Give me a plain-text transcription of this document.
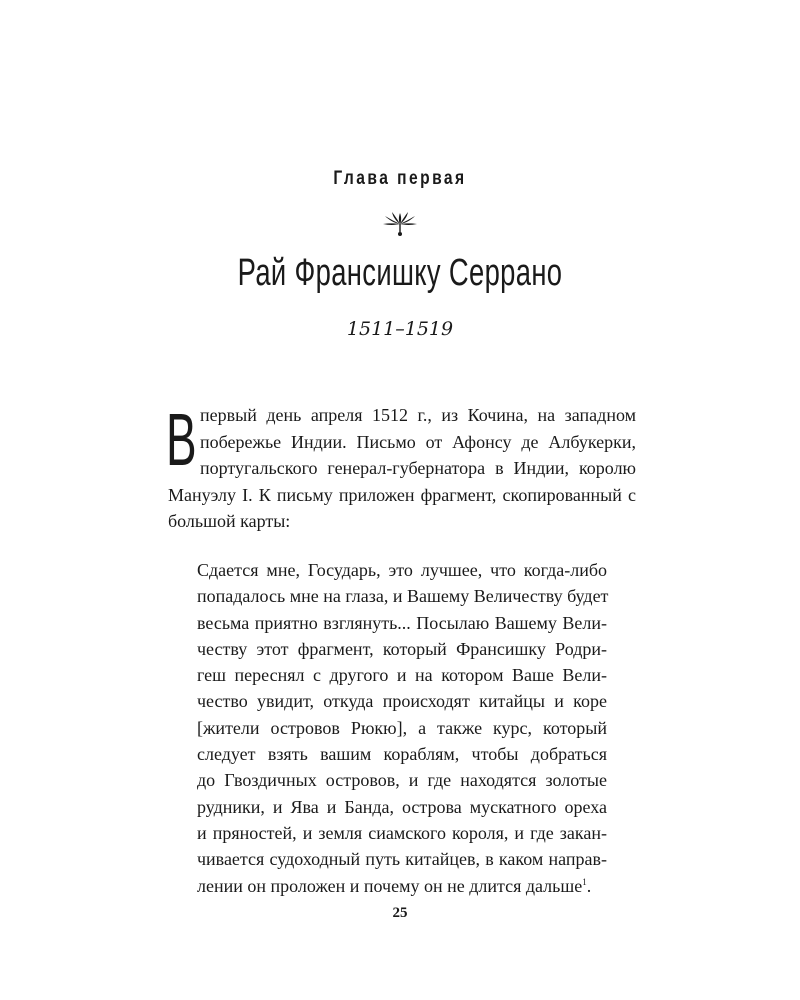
Глава первая
Рай Франсишку Серрано
1511–1519
В первый день апреля 1512 г., из Кочина, на западном побережье Индии. Письмо от Афонсу де Албукерки, португальского генерал-губернатора в Индии, королю Мануэлу I. К письму приложен фрагмент, скопированный с большой карты:
Сдается мне, Государь, это лучшее, что когда-либо
попадалось мне на глаза, и Вашему Величеству будет
весьма приятно взглянуть... Посылаю Вашему Вели-
честву этот фрагмент, который Франсишку Родри-
геш переснял с другого и на котором Ваше Вели-
чество увидит, откуда происходят китайцы и коре
[жители островов Рюкю], а также курс, который
следует взять вашим кораблям, чтобы добраться
до Гвоздичных островов, и где находятся золотые
рудники, и Ява и Банда, острова мускатного ореха
и пряностей, и земля сиамского короля, и где закан-
чивается судоходный путь китайцев, в каком направ-
лении он проложен и почему он не длится дальше$^1$.
25
